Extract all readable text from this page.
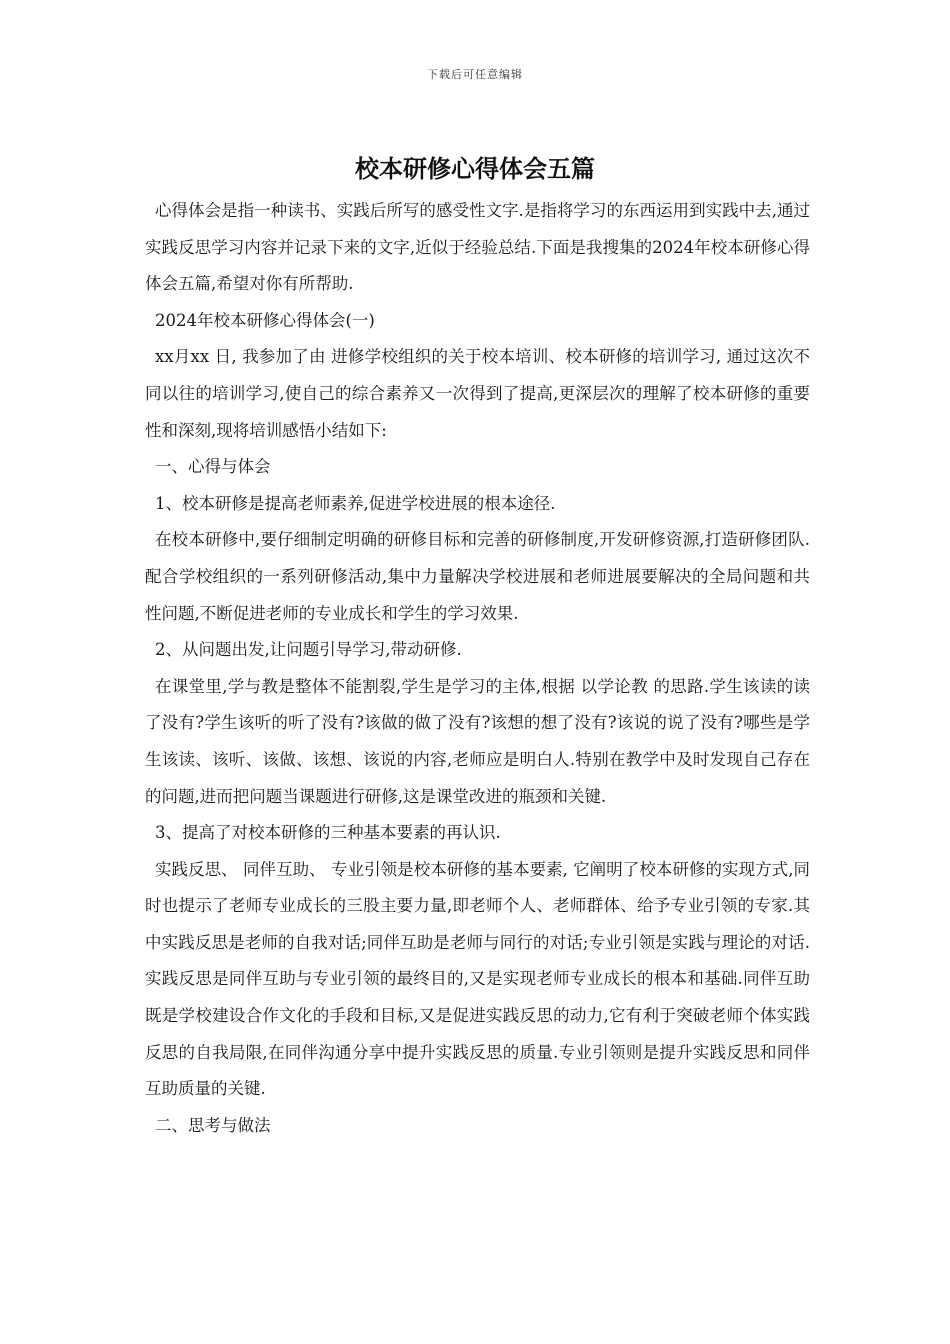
下载后可任意编辑
校本研修心得体会五篇

心得体会是指一种读书、实践后所写的感受性文字.是指将学习的东西运用到实践中去,通过实践反思学习内容并记录下来的文字,近似于经验总结.下面是我搜集的2024年校本研修心得体会五篇,希望对你有所帮助.

2024年校本研修心得体会(一)

xx月xx 日, 我参加了由 进修学校组织的关于校本培训、校本研修的培训学习, 通过这次不同以往的培训学习,使自己的综合素养又一次得到了提高,更深层次的理解了校本研修的重要性和深刻,现将培训感悟小结如下:

一、心得与体会

1、校本研修是提高老师素养,促进学校进展的根本途径.

在校本研修中,要仔细制定明确的研修目标和完善的研修制度,开发研修资源,打造研修团队.配合学校组织的一系列研修活动,集中力量解决学校进展和老师进展要解决的全局问题和共性问题,不断促进老师的专业成长和学生的学习效果.

2、从问题出发,让问题引导学习,带动研修.

在课堂里,学与教是整体不能割裂,学生是学习的主体,根据 以学论教 的思路.学生该读的读了没有?学生该听的听了没有?该做的做了没有?该想的想了没有?该说的说了没有?哪些是学生该读、该听、该做、该想、该说的内容,老师应是明白人.特别在教学中及时发现自己存在的问题,进而把问题当课题进行研修,这是课堂改进的瓶颈和关键.

3、提高了对校本研修的三种基本要素的再认识.

实践反思、 同伴互助、 专业引领是校本研修的基本要素, 它阐明了校本研修的实现方式,同时也提示了老师专业成长的三股主要力量,即老师个人、老师群体、给予专业引领的专家.其中实践反思是老师的自我对话;同伴互助是老师与同行的对话;专业引领是实践与理论的对话.实践反思是同伴互助与专业引领的最终目的,又是实现老师专业成长的根本和基础.同伴互助既是学校建设合作文化的手段和目标,又是促进实践反思的动力,它有利于突破老师个体实践反思的自我局限,在同伴沟通分享中提升实践反思的质量.专业引领则是提升实践反思和同伴互助质量的关键.

二、思考与做法
